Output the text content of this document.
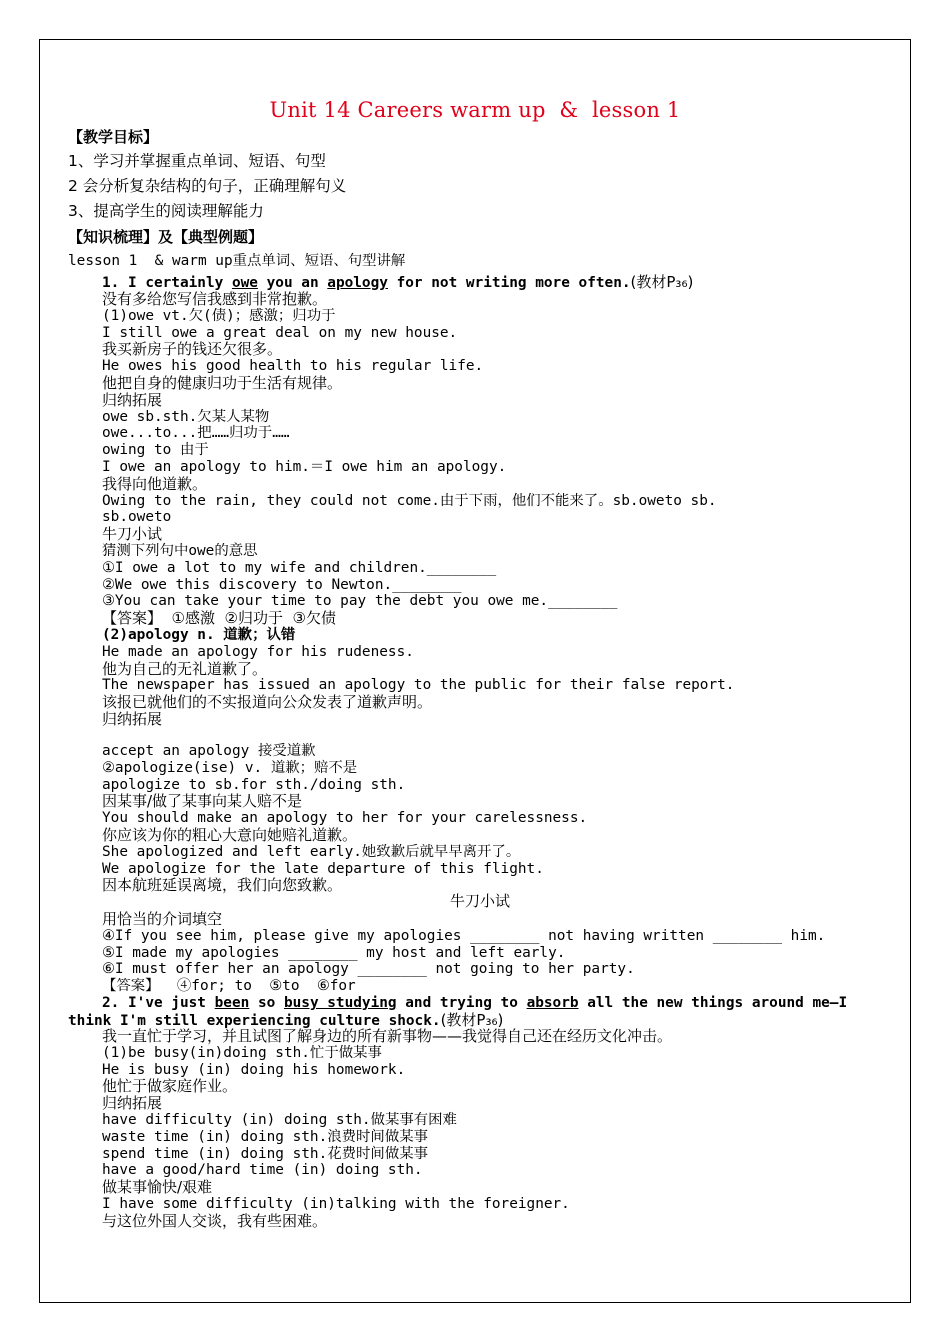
Unit 14 Careers warm up  &  lesson 1
【教学目标】
1、学习并掌握重点单词、短语、句型
2 会分析复杂结构的句子，正确理解句义
3、提高学生的阅读理解能力
【知识梳理】及【典型例题】
lesson 1  & warm up重点单词、短语、句型讲解
1. I certainly owe you an apology for not writing more often.(教材P₃₆)
没有多给您写信我感到非常抱歉。
(1)owe vt.欠(债)；感激；归功于
I still owe a great deal on my new house.
我买新房子的钱还欠很多。
He owes his good health to his regular life.
他把自身的健康归功于生活有规律。
归纳拓展
owe sb.sth.欠某人某物
owe...to...把……归功于……
owing to 由于
I owe an apology to him.＝I owe him an apology.
我得向他道歉。
Owing to the rain, they could not come.由于下雨，他们不能来了。sb.oweto sb.
sb.oweto
牛刀小试
猜测下列句中owe的意思
①I owe a lot to my wife and children.________
②We owe this discovery to Newton.________
③You can take your time to pay the debt you owe me.________
【答案】  ①感激  ②归功于  ③欠债
(2)apology n. 道歉；认错
He made an apology for his rudeness.
他为自己的无礼道歉了。
The newspaper has issued an apology to the public for their false report.
该报已就他们的不实报道向公众发表了道歉声明。
归纳拓展
accept an apology 接受道歉
②apologize(ise) v. 道歉；赔不是
apologize to sb.for sth./doing sth.
因某事/做了某事向某人赔不是
You should make an apology to her for your carelessness.
你应该为你的粗心大意向她赔礼道歉。
She apologized and left early.她致歉后就早早离开了。
We apologize for the late departure of this flight.
因本航班延误离境，我们向您致歉。
牛刀小试
用恰当的介词填空
④If you see him, please give my apologies ________ not having written ________ him.
⑤I made my apologies ________ my host and left early.
⑥I must offer her an apology ________ not going to her party.
【答案】  ④for; to  ⑤to  ⑥for
2. I've just been so busy studying and trying to absorb all the new things around me—I
think I'm still experiencing culture shock.(教材P₃₆)
我一直忙于学习，并且试图了解身边的所有新事物——我觉得自己还在经历文化冲击。
(1)be busy(in)doing sth.忙于做某事
He is busy (in) doing his homework.
他忙于做家庭作业。
归纳拓展
have difficulty (in) doing sth.做某事有困难
waste time (in) doing sth.浪费时间做某事
spend time (in) doing sth.花费时间做某事
have a good/hard time (in) doing sth.
做某事愉快/艰难
I have some difficulty (in)talking with the foreigner.
与这位外国人交谈，我有些困难。
